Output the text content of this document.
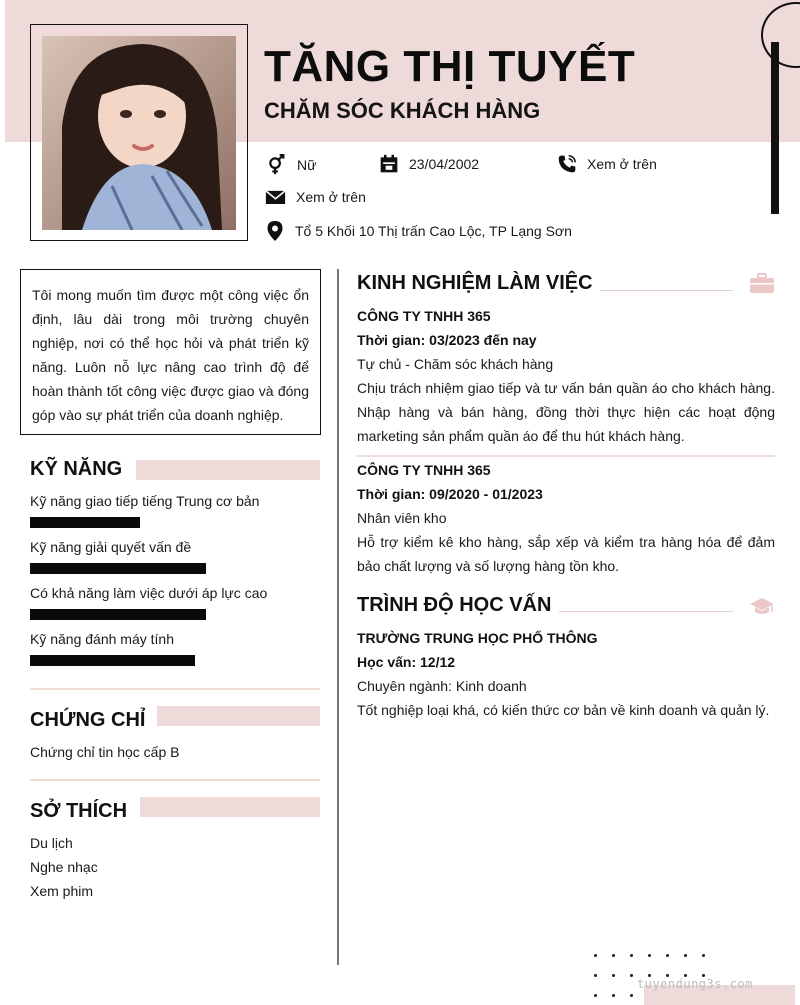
TĂNG THỊ TUYẾT
CHĂM SÓC KHÁCH HÀNG
Nữ	23/04/2002	Xem ở trên
Xem ở trên
Tổ 5 Khối 10 Thị trấn Cao Lộc, TP Lạng Sơn
Tôi mong muốn tìm được một công việc ổn định, lâu dài trong môi trường chuyên nghiệp, nơi có thể học hỏi và phát triển kỹ năng. Luôn nỗ lực nâng cao trình độ để hoàn thành tốt công việc được giao và đóng góp vào sự phát triển của doanh nghiệp.
KỸ NĂNG
Kỹ năng giao tiếp tiếng Trung cơ bản
Kỹ năng giải quyết vấn đề
Có khả năng làm việc dưới áp lực cao
Kỹ năng đánh máy tính
CHỨNG CHỈ
Chứng chỉ tin học cấp B
SỞ THÍCH
Du lịch
Nghe nhạc
Xem phim
KINH NGHIỆM LÀM VIỆC
CÔNG TY TNHH 365
Thời gian: 03/2023 đến nay
Tự chủ - Chăm sóc khách hàng
Chịu trách nhiệm giao tiếp và tư vấn bán quần áo cho khách hàng. Nhập hàng và bán hàng, đồng thời thực hiện các hoạt động marketing sản phẩm quần áo để thu hút khách hàng.
CÔNG TY TNHH 365
Thời gian: 09/2020 - 01/2023
Nhân viên kho
Hỗ trợ kiểm kê kho hàng, sắp xếp và kiểm tra hàng hóa để đảm bảo chất lượng và số lượng hàng tồn kho.
TRÌNH ĐỘ HỌC VẤN
TRƯỜNG TRUNG HỌC PHỔ THÔNG
Học vấn: 12/12
Chuyên ngành: Kinh doanh
Tốt nghiệp loại khá, có kiến thức cơ bản về kinh doanh và quản lý.
tuyendung3s.com
